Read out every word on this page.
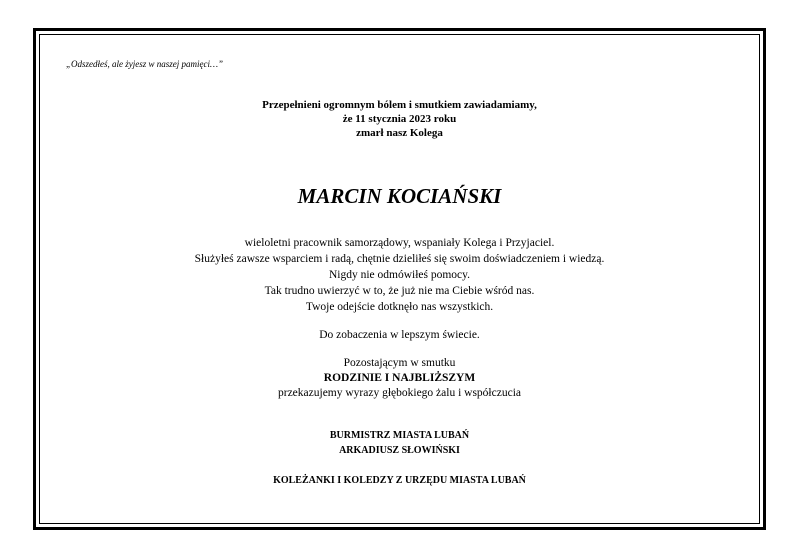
„Odszedłeś, ale żyjesz w naszej pamięci…”
Przepełnieni ogromnym bólem i smutkiem zawiadamiamy,
że 11 stycznia 2023 roku
zmarł nasz Kolega
MARCIN KOCIAŃSKI
wieloletni pracownik samorządowy, wspaniały Kolega i Przyjaciel.
Służyłeś zawsze wsparciem i radą, chętnie dzieliłeś się swoim doświadczeniem i wiedzą.
Nigdy nie odmówiłeś pomocy.
Tak trudno uwierzyć w to, że już nie ma Ciebie wśród nas.
Twoje odejście dotknęło nas wszystkich.
Do zobaczenia w lepszym świecie.
Pozostającym w smutku
RODZINIE I NAJBLIŻSZYM
przekazujemy wyrazy głębokiego żalu i współczucia
BURMISTRZ MIASTA LUBAŃ
ARKADIUSZ SŁOWIŃSKI
KOLEŻANKI I KOLEDZY Z URZĘDU MIASTA LUBAŃ
